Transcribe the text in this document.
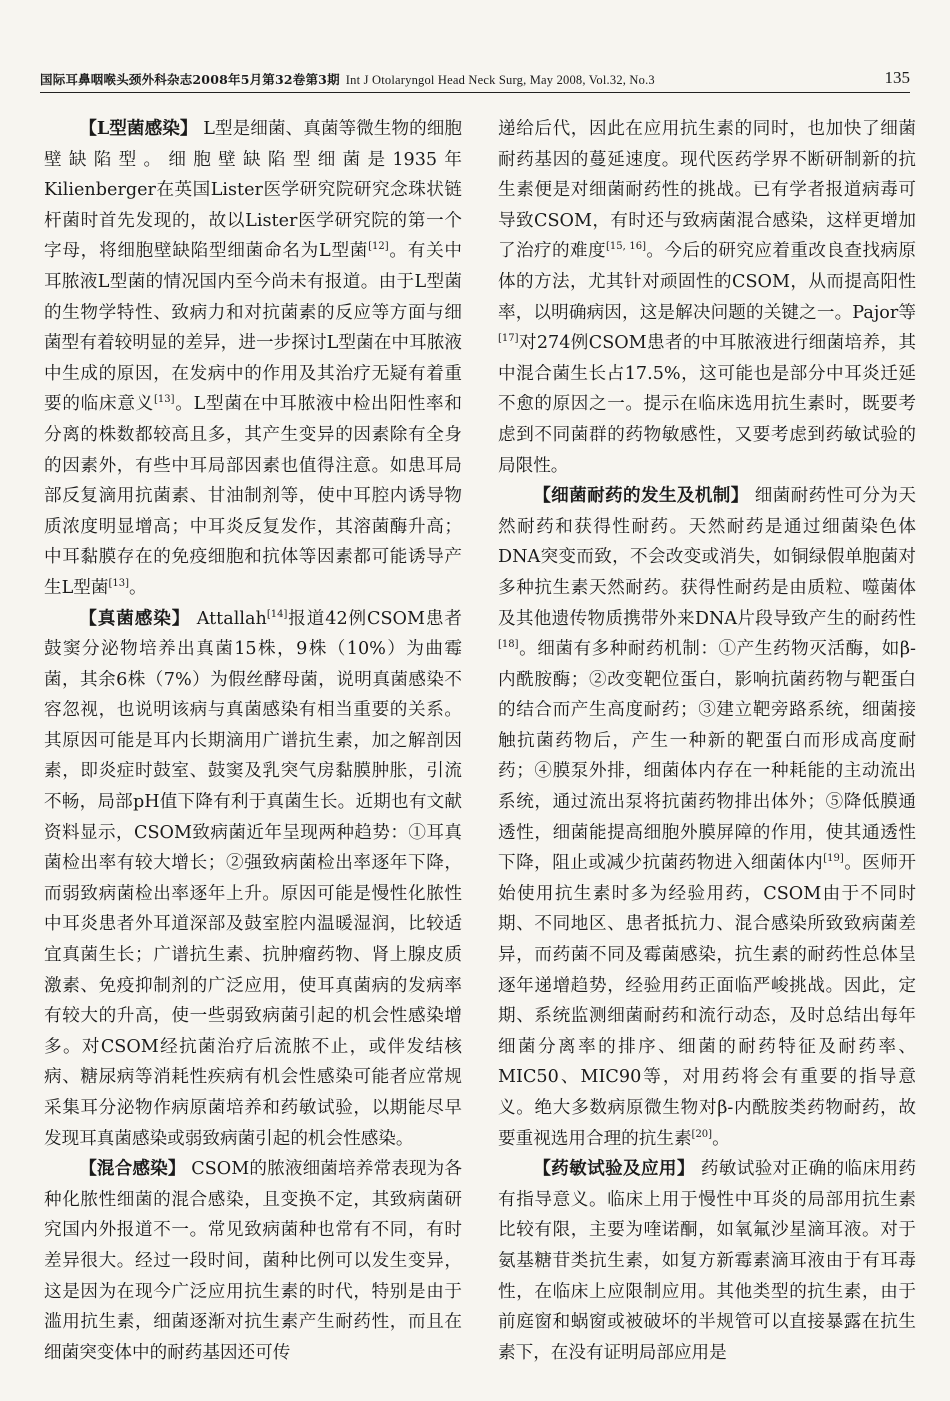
国际耳鼻咽喉头颈外科杂志2008年5月第32卷第3期 Int J Otolaryngol Head Neck Surg, May 2008, Vol.32, No.3	135

【L型菌感染】 L型是细菌、真菌等微生物的细胞壁缺陷型。细胞壁缺陷型细菌是1935年Kilienberger在英国Lister医学研究院研究念珠状链杆菌时首先发现的，故以Lister医学研究院的第一个字母，将细胞壁缺陷型细菌命名为L型菌[12]。有关中耳脓液L型菌的情况国内至今尚未有报道。由于L型菌的生物学特性、致病力和对抗菌素的反应等方面与细菌型有着较明显的差异，进一步探讨L型菌在中耳脓液中生成的原因，在发病中的作用及其治疗无疑有着重要的临床意义[13]。L型菌在中耳脓液中检出阳性率和分离的株数都较高且多，其产生变异的因素除有全身的因素外，有些中耳局部因素也值得注意。如患耳局部反复滴用抗菌素、甘油制剂等，使中耳腔内诱导物质浓度明显增高；中耳炎反复发作，其溶菌酶升高；中耳黏膜存在的免疫细胞和抗体等因素都可能诱导产生L型菌[13]。

【真菌感染】 Attallah[14]报道42例CSOM患者鼓窦分泌物培养出真菌15株，9株（10%）为曲霉菌，其余6株（7%）为假丝酵母菌，说明真菌感染不容忽视，也说明该病与真菌感染有相当重要的关系。其原因可能是耳内长期滴用广谱抗生素，加之解剖因素，即炎症时鼓室、鼓窦及乳突气房黏膜肿胀，引流不畅，局部pH值下降有利于真菌生长。近期也有文献资料显示，CSOM致病菌近年呈现两种趋势：①耳真菌检出率有较大增长；②强致病菌检出率逐年下降，而弱致病菌检出率逐年上升。原因可能是慢性化脓性中耳炎患者外耳道深部及鼓室腔内温暖湿润，比较适宜真菌生长；广谱抗生素、抗肿瘤药物、肾上腺皮质激素、免疫抑制剂的广泛应用，使耳真菌病的发病率有较大的升高，使一些弱致病菌引起的机会性感染增多。对CSOM经抗菌治疗后流脓不止，或伴发结核病、糖尿病等消耗性疾病有机会性感染可能者应常规采集耳分泌物作病原菌培养和药敏试验，以期能尽早发现耳真菌感染或弱致病菌引起的机会性感染。

【混合感染】 CSOM的脓液细菌培养常表现为各种化脓性细菌的混合感染，且变换不定，其致病菌研究国内外报道不一。常见致病菌种也常有不同，有时差异很大。经过一段时间，菌种比例可以发生变异，这是因为在现今广泛应用抗生素的时代，特别是由于滥用抗生素，细菌逐渐对抗生素产生耐药性，而且在细菌突变体中的耐药基因还可传

递给后代，因此在应用抗生素的同时，也加快了细菌耐药基因的蔓延速度。现代医药学界不断研制新的抗生素便是对细菌耐药性的挑战。已有学者报道病毒可导致CSOM，有时还与致病菌混合感染，这样更增加了治疗的难度[15, 16]。今后的研究应着重改良查找病原体的方法，尤其针对顽固性的CSOM，从而提高阳性率，以明确病因，这是解决问题的关键之一。Pajor等[17]对274例CSOM患者的中耳脓液进行细菌培养，其中混合菌生长占17.5%，这可能也是部分中耳炎迁延不愈的原因之一。提示在临床选用抗生素时，既要考虑到不同菌群的药物敏感性，又要考虑到药敏试验的局限性。

【细菌耐药的发生及机制】 细菌耐药性可分为天然耐药和获得性耐药。天然耐药是通过细菌染色体DNA突变而致，不会改变或消失，如铜绿假单胞菌对多种抗生素天然耐药。获得性耐药是由质粒、噬菌体及其他遗传物质携带外来DNA片段导致产生的耐药性[18]。细菌有多种耐药机制：①产生药物灭活酶，如β-内酰胺酶；②改变靶位蛋白，影响抗菌药物与靶蛋白的结合而产生高度耐药；③建立靶旁路系统，细菌接触抗菌药物后，产生一种新的靶蛋白而形成高度耐药；④膜泵外排，细菌体内存在一种耗能的主动流出系统，通过流出泵将抗菌药物排出体外；⑤降低膜通透性，细菌能提高细胞外膜屏障的作用，使其通透性下降，阻止或减少抗菌药物进入细菌体内[19]。医师开始使用抗生素时多为经验用药，CSOM由于不同时期、不同地区、患者抵抗力、混合感染所致致病菌差异，而药菌不同及霉菌感染，抗生素的耐药性总体呈逐年递增趋势，经验用药正面临严峻挑战。因此，定期、系统监测细菌耐药和流行动态，及时总结出每年细菌分离率的排序、细菌的耐药特征及耐药率、MIC50、MIC90等，对用药将会有重要的指导意义。绝大多数病原微生物对β-内酰胺类药物耐药，故要重视选用合理的抗生素[20]。

【药敏试验及应用】 药敏试验对正确的临床用药有指导意义。临床上用于慢性中耳炎的局部用抗生素比较有限，主要为喹诺酮，如氧氟沙星滴耳液。对于氨基糖苷类抗生素，如复方新霉素滴耳液由于有耳毒性，在临床上应限制应用。其他类型的抗生素，由于前庭窗和蜗窗或被破坏的半规管可以直接暴露在抗生素下，在没有证明局部应用是
